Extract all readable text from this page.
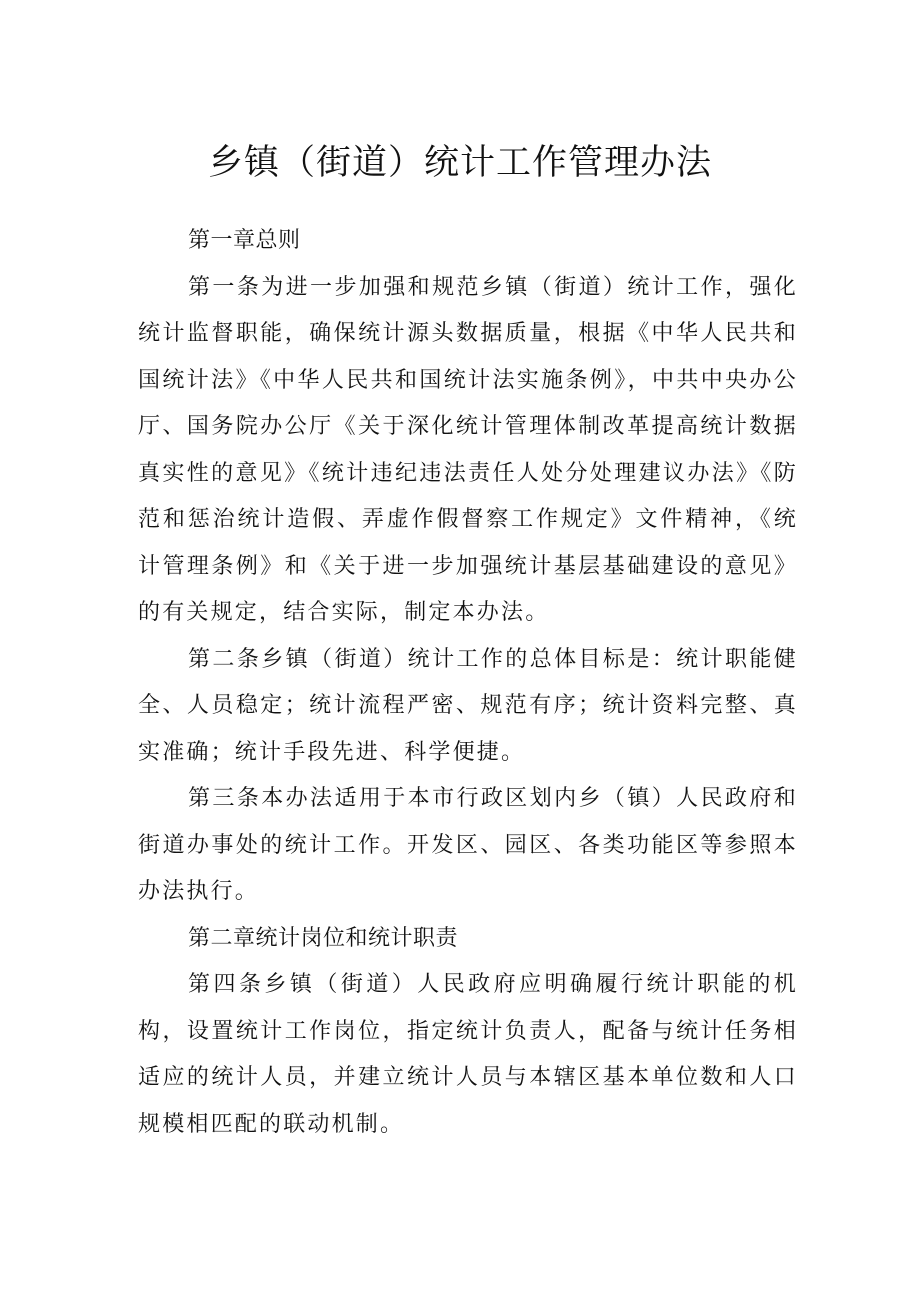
乡镇（街道）统计工作管理办法

第一章总则

第一条为进一步加强和规范乡镇（街道）统计工作，强化统计监督职能，确保统计源头数据质量，根据《中华人民共和国统计法》《中华人民共和国统计法实施条例》，中共中央办公厅、国务院办公厅《关于深化统计管理体制改革提高统计数据真实性的意见》《统计违纪违法责任人处分处理建议办法》《防范和惩治统计造假、弄虚作假督察工作规定》文件精神，《统计管理条例》和《关于进一步加强统计基层基础建设的意见》的有关规定，结合实际，制定本办法。

第二条乡镇（街道）统计工作的总体目标是：统计职能健全、人员稳定；统计流程严密、规范有序；统计资料完整、真实准确；统计手段先进、科学便捷。

第三条本办法适用于本市行政区划内乡（镇）人民政府和街道办事处的统计工作。开发区、园区、各类功能区等参照本办法执行。

第二章统计岗位和统计职责

第四条乡镇（街道）人民政府应明确履行统计职能的机构，设置统计工作岗位，指定统计负责人，配备与统计任务相适应的统计人员，并建立统计人员与本辖区基本单位数和人口规模相匹配的联动机制。
